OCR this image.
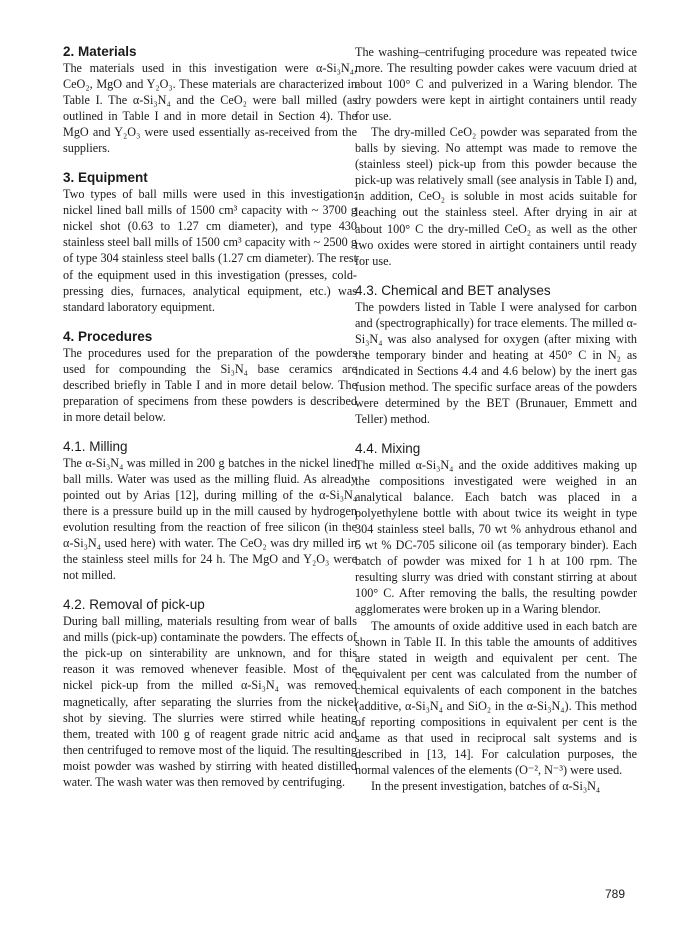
2. Materials

The materials used in this investigation were α-Si₃N₄, CeO₂, MgO and Y₂O₃. These materials are characterized in Table I. The α-Si₃N₄ and the CeO₂ were ball milled (as outlined in Table I and in more detail in Section 4). The MgO and Y₂O₃ were used essentially as-received from the suppliers.

3. Equipment

Two types of ball mills were used in this investigation: nickel lined ball mills of 1500 cm³ capacity with ~ 3700 g nickel shot (0.63 to 1.27 cm diameter), and type 430 stainless steel ball mills of 1500 cm³ capacity with ~ 2500 g of type 304 stainless steel balls (1.27 cm diameter). The rest of the equipment used in this investigation (presses, cold-pressing dies, furnaces, analytical equipment, etc.) was standard laboratory equipment.

4. Procedures

The procedures used for the preparation of the powders used for compounding the Si₃N₄ base ceramics are described briefly in Table I and in more detail below. The preparation of specimens from these powders is described in more detail below.

4.1. Milling

The α-Si₃N₄ was milled in 200 g batches in the nickel lined ball mills. Water was used as the milling fluid. As already pointed out by Arias [12], during milling of the α-Si₃N₄ there is a pressure build up in the mill caused by hydrogen evolution resulting from the reaction of free silicon (in the α-Si₃N₄ used here) with water. The CeO₂ was dry milled in the stainless steel mills for 24 h. The MgO and Y₂O₃ were not milled.

4.2. Removal of pick-up

During ball milling, materials resulting from wear of balls and mills (pick-up) contaminate the powders. The effects of the pick-up on sinterability are unknown, and for this reason it was removed whenever feasible. Most of the nickel pick-up from the milled α-Si₃N₄ was removed magnetically, after separating the slurries from the nickel shot by sieving. The slurries were stirred while heating them, treated with 100 g of reagent grade nitric acid and then centrifuged to remove most of the liquid. The resulting moist powder was washed by stirring with heated distilled water. The wash water was then removed by centrifuging.

The washing–centrifuging procedure was repeated twice more. The resulting powder cakes were vacuum dried at about 100° C and pulverized in a Waring blendor. The dry powders were kept in airtight containers until ready for use.

The dry-milled CeO₂ powder was separated from the balls by sieving. No attempt was made to remove the (stainless steel) pick-up from this powder because the pick-up was relatively small (see analysis in Table I) and, in addition, CeO₂ is soluble in most acids suitable for leaching out the stainless steel. After drying in air at about 100° C the dry-milled CeO₂ as well as the other two oxides were stored in airtight containers until ready for use.

4.3. Chemical and BET analyses

The powders listed in Table I were analysed for carbon and (spectrographically) for trace elements. The milled α-Si₃N₄ was also analysed for oxygen (after mixing with the temporary binder and heating at 450° C in N₂ as indicated in Sections 4.4 and 4.6 below) by the inert gas fusion method. The specific surface areas of the powders were determined by the BET (Brunauer, Emmett and Teller) method.

4.4. Mixing

The milled α-Si₃N₄ and the oxide additives making up the compositions investigated were weighed in an analytical balance. Each batch was placed in a polyethylene bottle with about twice its weight in type 304 stainless steel balls, 70 wt % anhydrous ethanol and 5 wt % DC-705 silicone oil (as temporary binder). Each batch of powder was mixed for 1 h at 100 rpm. The resulting slurry was dried with constant stirring at about 100° C. After removing the balls, the resulting powder agglomerates were broken up in a Waring blendor.

The amounts of oxide additive used in each batch are shown in Table II. In this table the amounts of additives are stated in weigth and equivalent per cent. The equivalent per cent was calculated from the number of chemical equivalents of each component in the batches (additive, α-Si₃N₄ and SiO₂ in the α-Si₃N₄). This method of reporting compositions in equivalent per cent is the same as that used in reciprocal salt systems and is described in [13, 14]. For calculation purposes, the normal valences of the elements (O⁻², N⁻³) were used.

In the present investigation, batches of α-Si₃N₄

789
